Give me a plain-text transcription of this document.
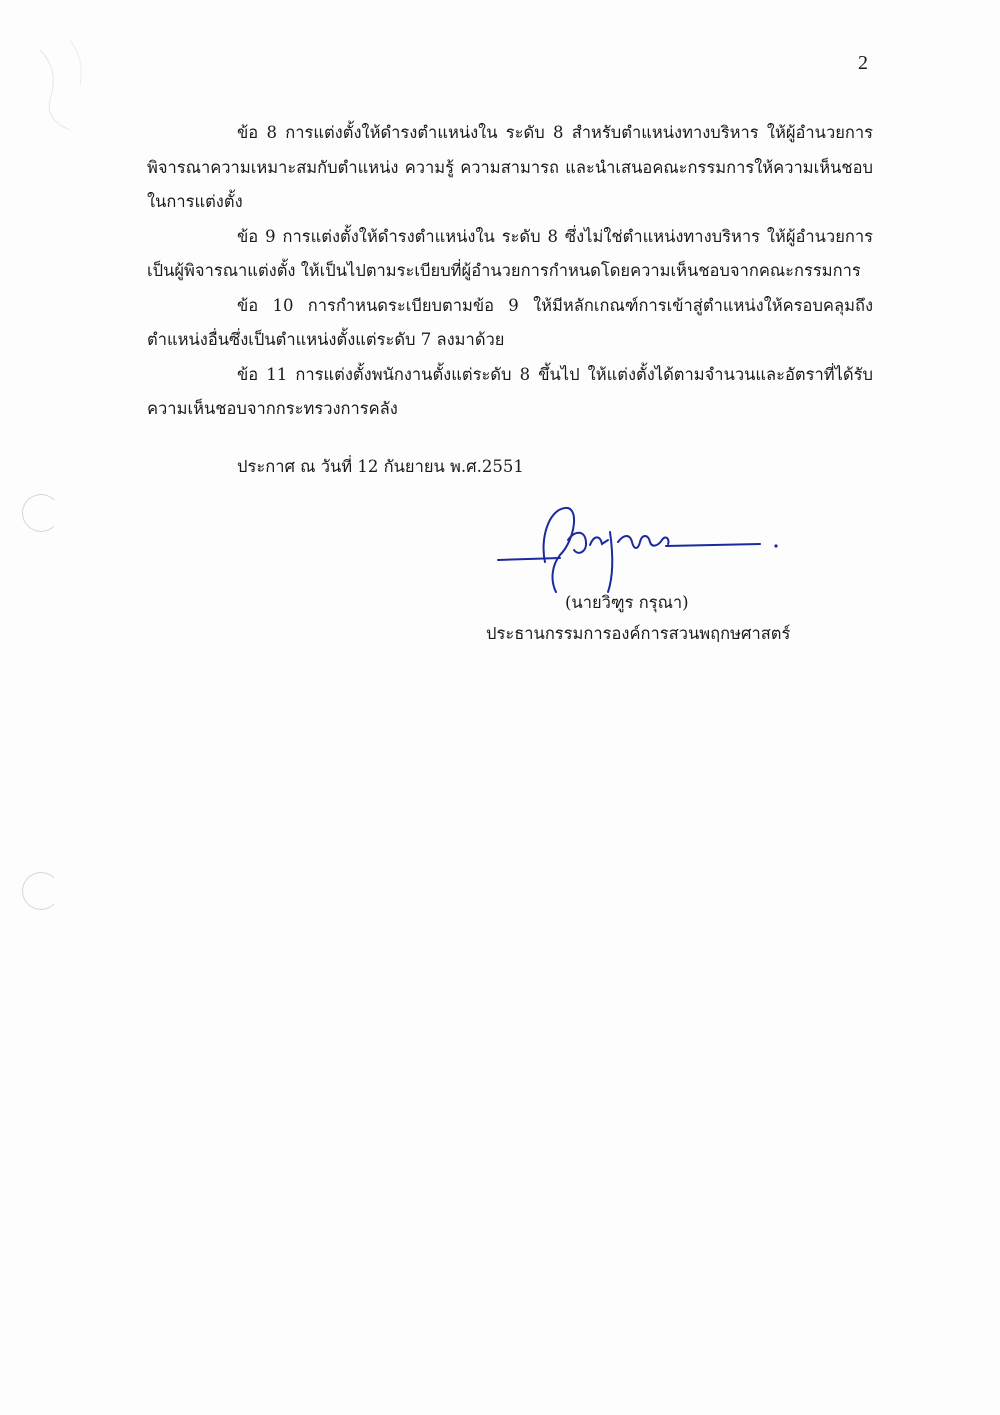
2

ข้อ 8 การแต่งตั้งให้ดำรงตำแหน่งใน ระดับ 8 สำหรับตำแหน่งทางบริหาร ให้ผู้อำนวยการพิจารณาความเหมาะสมกับตำแหน่ง ความรู้ ความสามารถ และนำเสนอคณะกรรมการให้ความเห็นชอบในการแต่งตั้ง

ข้อ 9 การแต่งตั้งให้ดำรงตำแหน่งใน ระดับ 8 ซึ่งไม่ใช่ตำแหน่งทางบริหาร ให้ผู้อำนวยการเป็นผู้พิจารณาแต่งตั้ง ให้เป็นไปตามระเบียบที่ผู้อำนวยการกำหนดโดยความเห็นชอบจากคณะกรรมการ

ข้อ 10 การกำหนดระเบียบตามข้อ 9 ให้มีหลักเกณฑ์การเข้าสู่ตำแหน่งให้ครอบคลุมถึงตำแหน่งอื่นซึ่งเป็นตำแหน่งตั้งแต่ระดับ 7 ลงมาด้วย

ข้อ 11 การแต่งตั้งพนักงานตั้งแต่ระดับ 8 ขึ้นไป ให้แต่งตั้งได้ตามจำนวนและอัตราที่ได้รับความเห็นชอบจากกระทรวงการคลัง

ประกาศ ณ วันที่ 12 กันยายน พ.ศ.2551
(นายวิฑูร กรุณา)
ประธานกรรมการองค์การสวนพฤกษศาสตร์
